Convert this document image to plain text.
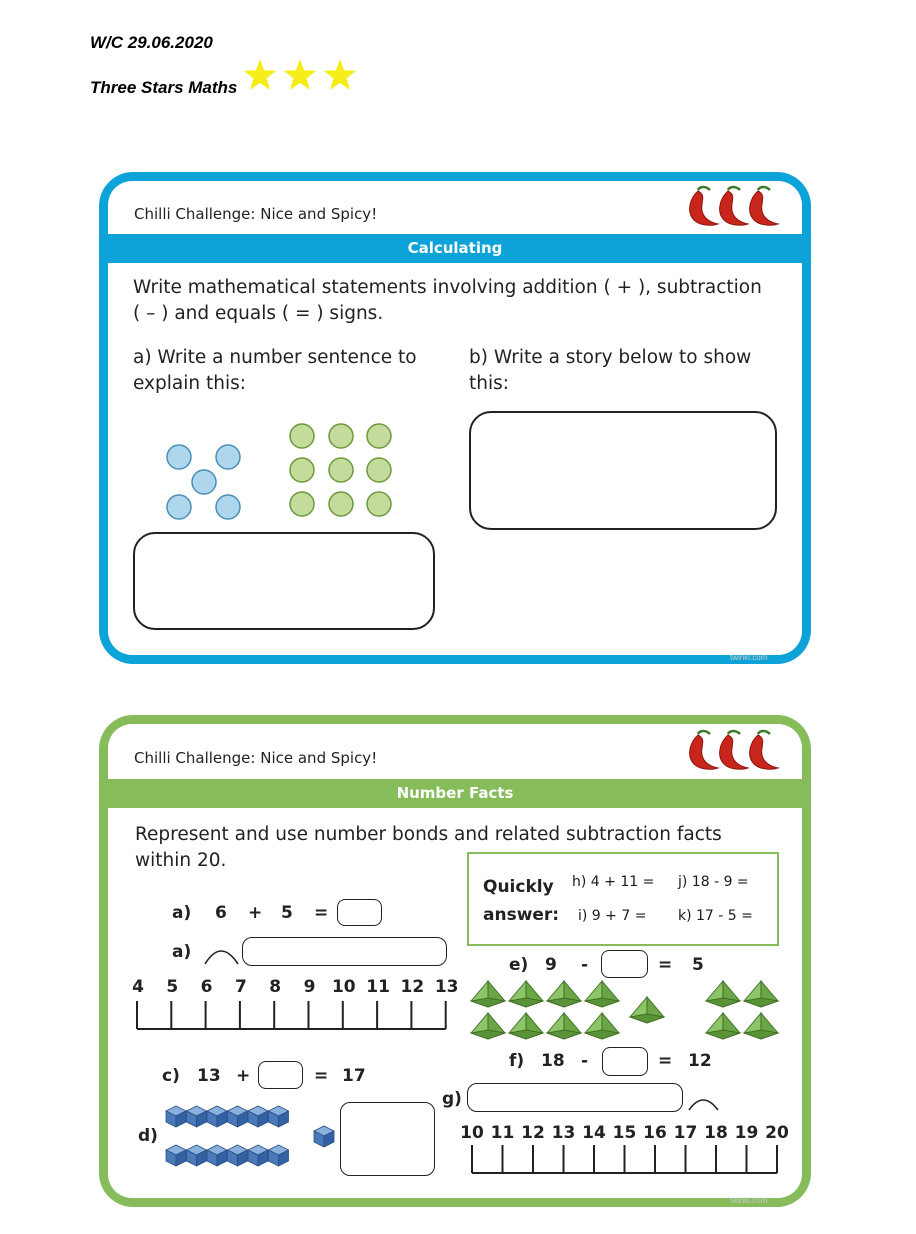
W/C 29.06.2020
Three Stars Maths
Chilli Challenge: Nice and Spicy!
Calculating
Write mathematical statements involving addition ( + ), subtraction
( – ) and equals ( = ) signs.
a) Write a number sentence to
explain this:
b) Write a story below to show
this:
twinkl.com
Chilli Challenge: Nice and Spicy!
Number Facts
Represent and use number bonds and related subtraction facts
within 20.
Quickly
answer:
h) 4 + 11 = j) 18 - 9 =
i) 9 + 7 = k) 17 - 5 =
a) 6 + 5 =
a)
4	5	6	7	8	9 10 11 12 13
c) 13 +	= 17
d)
e) 9 -	= 5
f) 18 -	= 12
g)
10 11 12 13 14 15 16 17 18 19 20
twinkl.com
